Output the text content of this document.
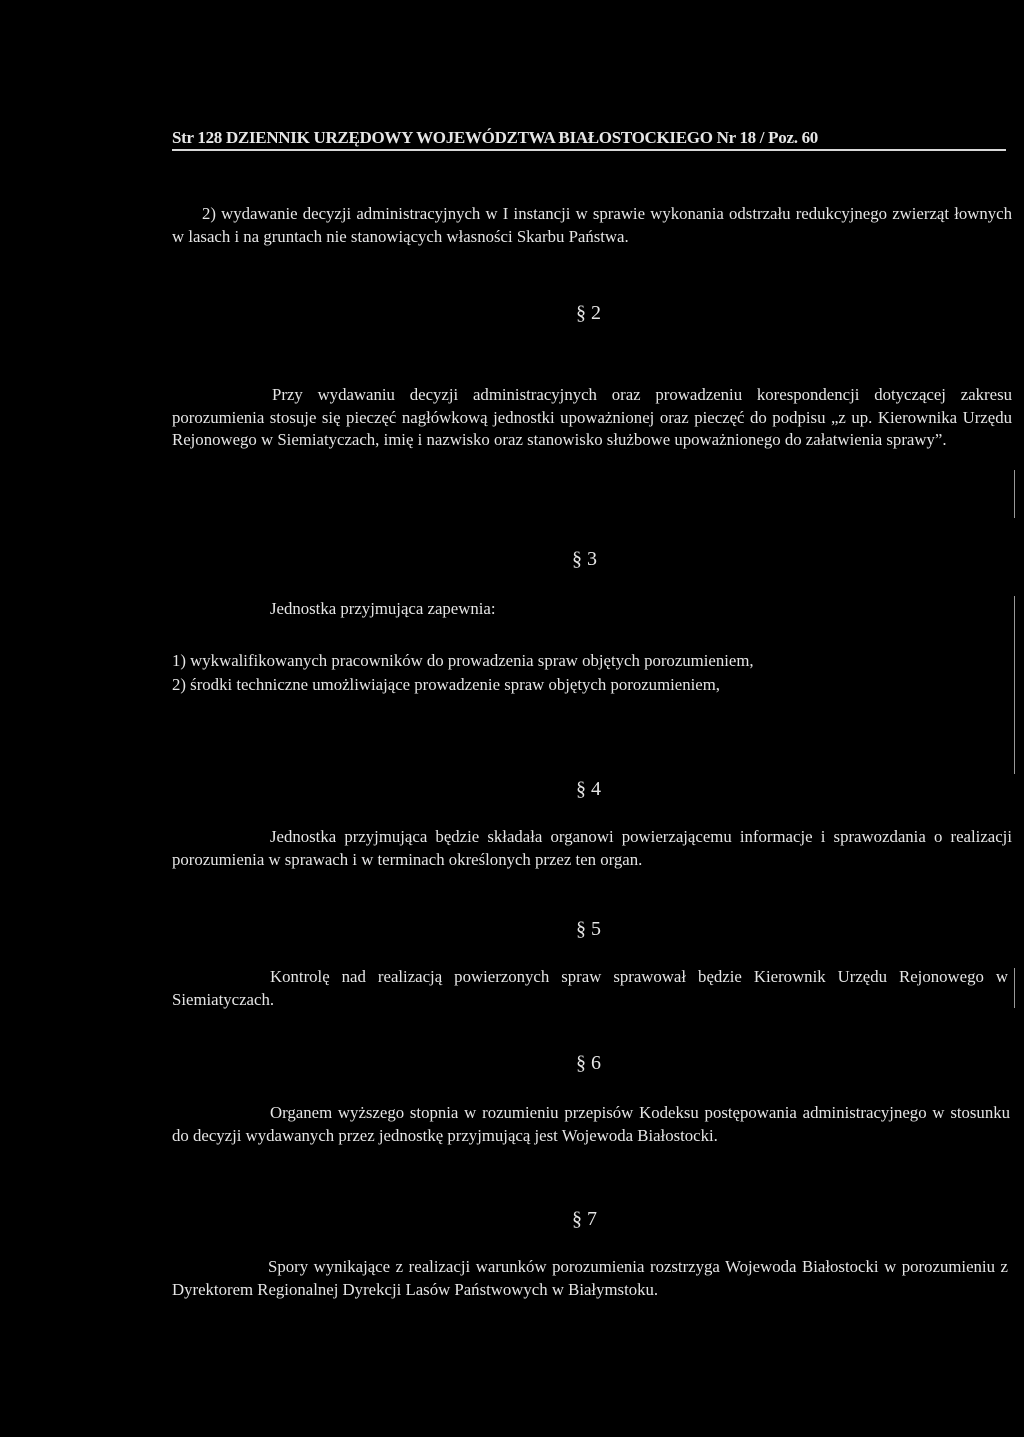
Str 128 DZIENNIK URZĘDOWY WOJEWÓDZTWA BIAŁOSTOCKIEGO Nr 18 / Poz. 60
2) wydawanie decyzji administracyjnych w I instancji w sprawie wykonania odstrzału redukcyjnego zwierząt łownych w lasach i na gruntach nie stanowiących własności Skarbu Państwa.
§ 2
Przy wydawaniu decyzji administracyjnych oraz prowadzeniu korespondencji dotyczącej zakresu porozumienia stosuje się pieczęć nagłówkową jednostki upoważnionej oraz pieczęć do podpisu „z up. Kierownika Urzędu Rejonowego w Siemiatyczach, imię i nazwisko oraz stanowisko służbowe upoważnionego do załatwienia sprawy”.
§ 3
Jednostka przyjmująca zapewnia:
1) wykwalifikowanych pracowników do prowadzenia spraw objętych porozumieniem,
2) środki techniczne umożliwiające prowadzenie spraw objętych porozumieniem,
§ 4
Jednostka przyjmująca będzie składała organowi powierzającemu informacje i sprawozdania o realizacji porozumienia w sprawach i w terminach określonych przez ten organ.
§ 5
Kontrolę nad realizacją powierzonych spraw sprawował będzie Kierownik Urzędu Rejonowego w Siemiatyczach.
§ 6
Organem wyższego stopnia w rozumieniu przepisów Kodeksu postępowania administracyjnego w stosunku do decyzji wydawanych przez jednostkę przyjmującą jest Wojewoda Białostocki.
§ 7
Spory wynikające z realizacji warunków porozumienia rozstrzyga Wojewoda Białostocki w porozumieniu z Dyrektorem Regionalnej Dyrekcji Lasów Państwowych w Białymstoku.
